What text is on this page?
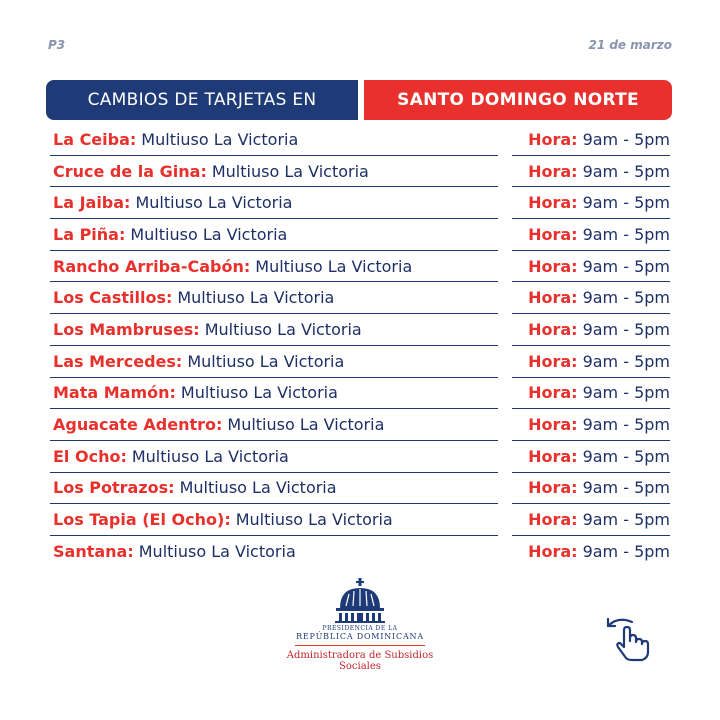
P3	21 de marzo
CAMBIOS DE TARJETAS EN	SANTO DOMINGO NORTE
La Ceiba: Multiuso La Victoria	Hora: 9am - 5pm
Cruce de la Gina: Multiuso La Victoria	Hora: 9am - 5pm
La Jaiba: Multiuso La Victoria	Hora: 9am - 5pm
La Piña: Multiuso La Victoria	Hora: 9am - 5pm
Rancho Arriba-Cabón: Multiuso La Victoria	Hora: 9am - 5pm
Los Castillos: Multiuso La Victoria	Hora: 9am - 5pm
Los Mambruses: Multiuso La Victoria	Hora: 9am - 5pm
Las Mercedes: Multiuso La Victoria	Hora: 9am - 5pm
Mata Mamón: Multiuso La Victoria	Hora: 9am - 5pm
Aguacate Adentro: Multiuso La Victoria	Hora: 9am - 5pm
El Ocho: Multiuso La Victoria	Hora: 9am - 5pm
Los Potrazos: Multiuso La Victoria	Hora: 9am - 5pm
Los Tapia (El Ocho): Multiuso La Victoria	Hora: 9am - 5pm
Santana: Multiuso La Victoria	Hora: 9am - 5pm
PRESIDENCIA DE LA
REPÚBLICA DOMINICANA
Administradora de Subsidios Sociales
